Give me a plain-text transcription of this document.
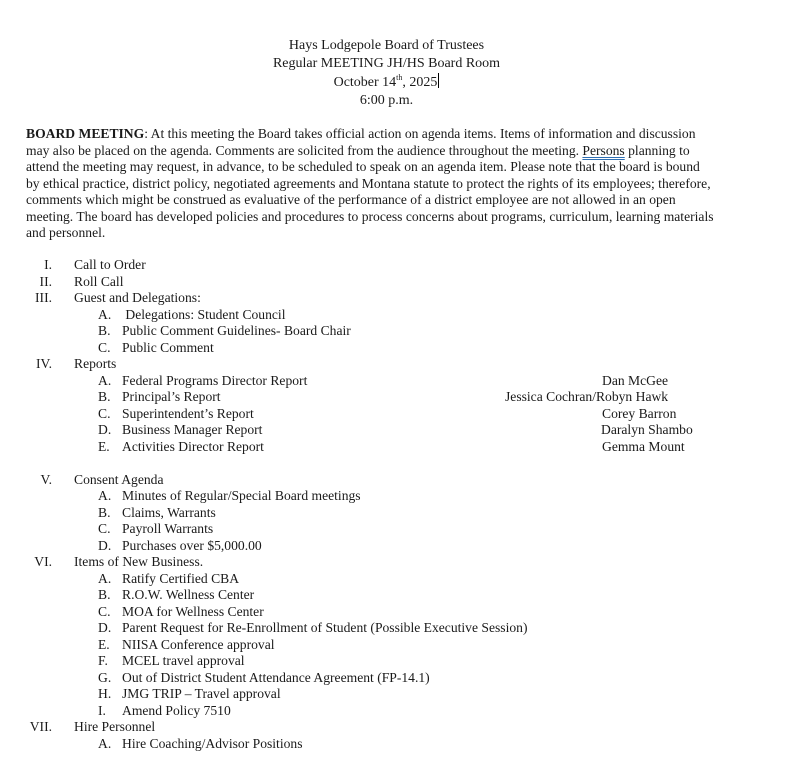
Hays Lodgepole Board of Trustees
Regular MEETING JH/HS Board Room
October 14th, 2025
6:00 p.m.
BOARD MEETING: At this meeting the Board takes official action on agenda items. Items of information and discussion
may also be placed on the agenda. Comments are solicited from the audience throughout the meeting. Persons planning to
attend the meeting may request, in advance, to be scheduled to speak on an agenda item. Please note that the board is bound
by ethical practice, district policy, negotiated agreements and Montana statute to protect the rights of its employees; therefore,
comments which might be construed as evaluative of the performance of a district employee are not allowed in an open
meeting. The board has developed policies and procedures to process concerns about programs, curriculum, learning materials
and personnel.
I. Call to Order
II. Roll Call
III. Guest and Delegations:
A. Delegations: Student Council
B. Public Comment Guidelines- Board Chair
C. Public Comment
IV. Reports
A. Federal Programs Director Report	Dan McGee
B. Principal’s Report	Jessica Cochran/Robyn Hawk
C. Superintendent’s Report	Corey Barron
D. Business Manager Report	Daralyn Shambo
E. Activities Director Report	Gemma Mount
V. Consent Agenda
A. Minutes of Regular/Special Board meetings
B. Claims, Warrants
C. Payroll Warrants
D. Purchases over $5,000.00
VI. Items of New Business.
A. Ratify Certified CBA
B. R.O.W. Wellness Center
C. MOA for Wellness Center
D. Parent Request for Re-Enrollment of Student (Possible Executive Session)
E. NIISA Conference approval
F. MCEL travel approval
G. Out of District Student Attendance Agreement (FP-14.1)
H. JMG TRIP – Travel approval
I. Amend Policy 7510
VII. Hire Personnel
A. Hire Coaching/Advisor Positions
